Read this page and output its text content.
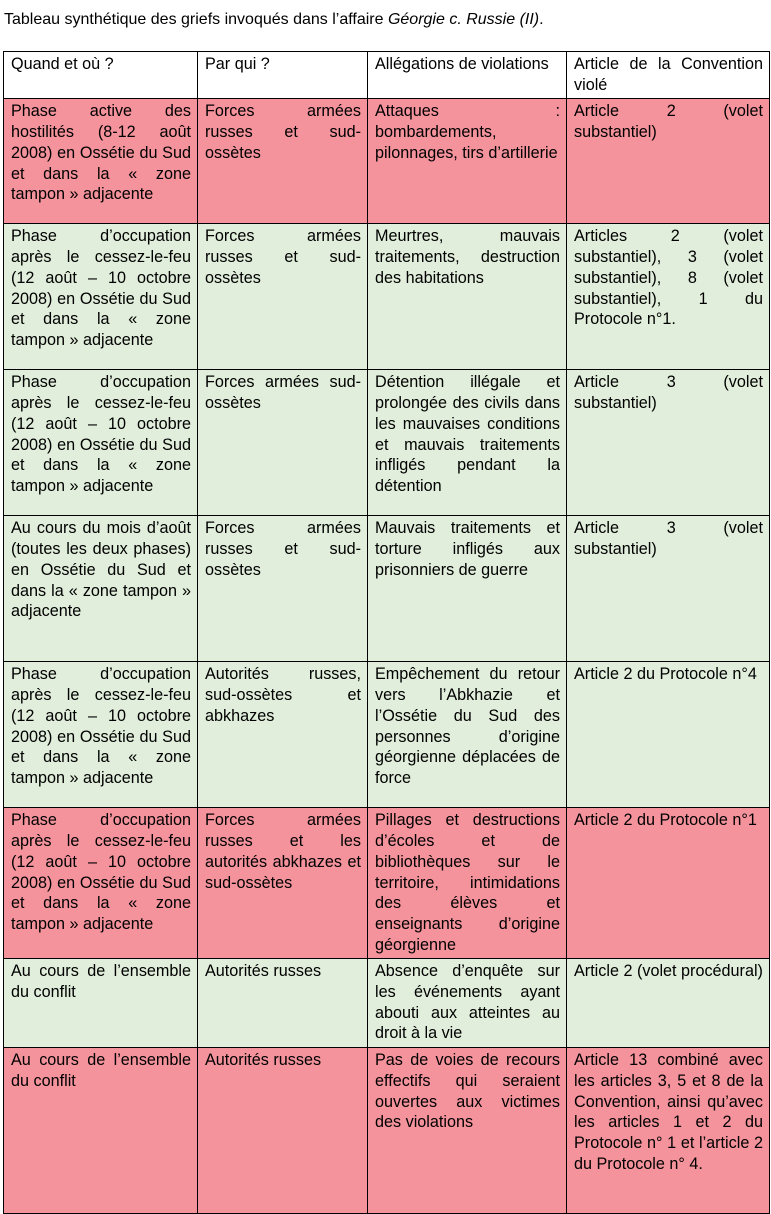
Tableau synthétique des griefs invoqués dans l’affaire Géorgie c. Russie (II).
Quand et où ?	Par qui ?	Allégations de violations	Article de la Convention violé
Phase active des hostilités (8-12 août 2008) en Ossétie du Sud et dans la « zone tampon » adjacente	Forces armées russes et sud-ossètes	Attaques : bombardements, pilonnages, tirs d’artillerie	Article 2 (volet substantiel)
Phase d’occupation après le cessez-le-feu (12 août – 10 octobre 2008) en Ossétie du Sud et dans la « zone tampon » adjacente	Forces armées russes et sud-ossètes	Meurtres, mauvais traitements, destruction des habitations	Articles 2 (volet substantiel), 3 (volet substantiel), 8 (volet substantiel), 1 du Protocole n°1.
Phase d’occupation après le cessez-le-feu (12 août – 10 octobre 2008) en Ossétie du Sud et dans la « zone tampon » adjacente	Forces armées sud-ossètes	Détention illégale et prolongée des civils dans les mauvaises conditions et mauvais traitements infligés pendant la détention	Article 3 (volet substantiel)
Au cours du mois d’août (toutes les deux phases) en Ossétie du Sud et dans la « zone tampon » adjacente	Forces armées russes et sud-ossètes	Mauvais traitements et torture infligés aux prisonniers de guerre	Article 3 (volet substantiel)
Phase d’occupation après le cessez-le-feu (12 août – 10 octobre 2008) en Ossétie du Sud et dans la « zone tampon » adjacente	Autorités russes, sud-ossètes et abkhazes	Empêchement du retour vers l’Abkhazie et l’Ossétie du Sud des personnes d’origine géorgienne déplacées de force	Article 2 du Protocole n°4
Phase d’occupation après le cessez-le-feu (12 août – 10 octobre 2008) en Ossétie du Sud et dans la « zone tampon » adjacente	Forces armées russes et les autorités abkhazes et sud-ossètes	Pillages et destructions d’écoles et de bibliothèques sur le territoire, intimidations des élèves et enseignants d’origine géorgienne	Article 2 du Protocole n°1
Au cours de l’ensemble du conflit	Autorités russes	Absence d’enquête sur les événements ayant abouti aux atteintes au droit à la vie	Article 2 (volet procédural)
Au cours de l’ensemble du conflit	Autorités russes	Pas de voies de recours effectifs qui seraient ouvertes aux victimes des violations	Article 13 combiné avec les articles 3, 5 et 8 de la Convention, ainsi qu’avec les articles 1 et 2 du Protocole n° 1 et l’article 2 du Protocole n° 4.
